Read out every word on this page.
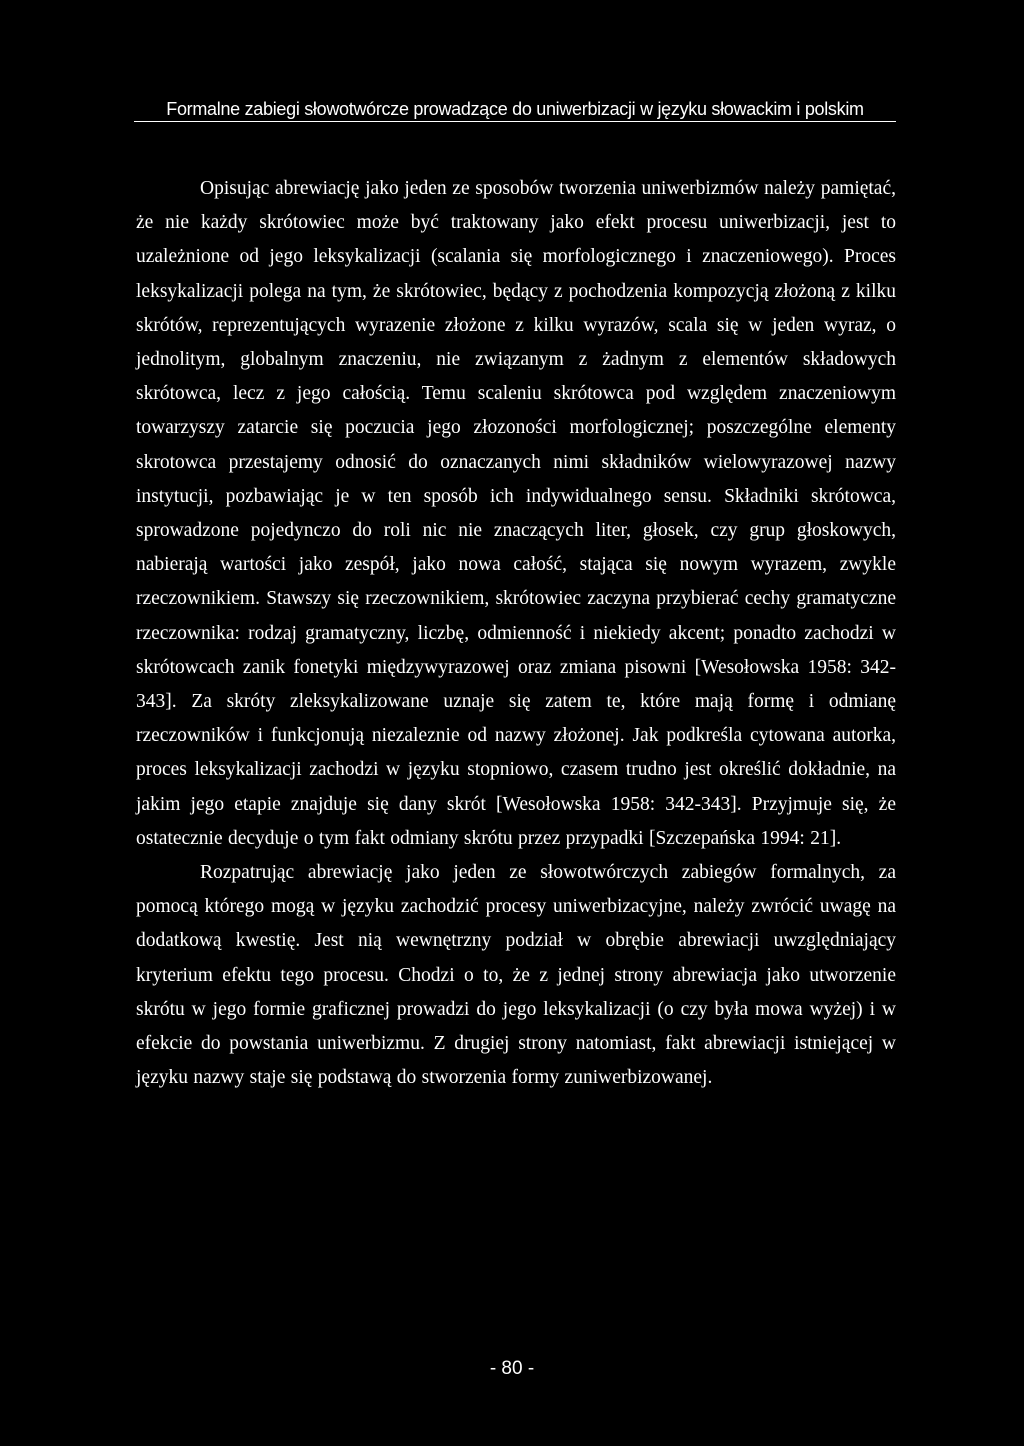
Formalne zabiegi słowotwórcze prowadzące do uniwerbizacji w języku słowackim i polskim

Opisując abrewiację jako jeden ze sposobów tworzenia uniwerbizmów należy pamiętać, że nie każdy skrótowiec może być traktowany jako efekt procesu uniwerbizacji, jest to uzależnione od jego leksykalizacji (scalania się morfologicznego i znaczeniowego). Proces leksykalizacji polega na tym, że skrótowiec, będący z pochodzenia kompozycją złożoną z kilku skrótów, reprezentujących wyrazenie złożone z kilku wyrazów, scala się w jeden wyraz, o jednolitym, globalnym znaczeniu, nie związanym z żadnym z elementów składowych skrótowca, lecz z jego całością. Temu scaleniu skrótowca pod względem znaczeniowym towarzyszy zatarcie się poczucia jego złozoności morfologicznej; poszczególne elementy skrotowca przestajemy odnosić do oznaczanych nimi składników wielowyrazowej nazwy instytucji, pozbawiając je w ten sposób ich indywidualnego sensu. Składniki skrótowca, sprowadzone pojedynczo do roli nic nie znaczących liter, głosek, czy grup głoskowych, nabierają wartości jako zespół, jako nowa całość, stająca się nowym wyrazem, zwykle rzeczownikiem. Stawszy się rzeczownikiem, skrótowiec zaczyna przybierać cechy gramatyczne rzeczownika: rodzaj gramatyczny, liczbę, odmienność i niekiedy akcent; ponadto zachodzi w skrótowcach zanik fonetyki międzywyrazowej oraz zmiana pisowni [Wesołowska 1958: 342-343]. Za skróty zleksykalizowane uznaje się zatem te, które mają formę i odmianę rzeczowników i funkcjonują niezaleznie od nazwy złożonej. Jak podkreśla cytowana autorka, proces leksykalizacji zachodzi w języku stopniowo, czasem trudno jest określić dokładnie, na jakim jego etapie znajduje się dany skrót [Wesołowska 1958: 342-343]. Przyjmuje się, że ostatecznie decyduje o tym fakt odmiany skrótu przez przypadki [Szczepańska 1994: 21].

Rozpatrując abrewiację jako jeden ze słowotwórczych zabiegów formalnych, za pomocą którego mogą w języku zachodzić procesy uniwerbizacyjne, należy zwrócić uwagę na dodatkową kwestię. Jest nią wewnętrzny podział w obrębie abrewiacji uwzględniający kryterium efektu tego procesu. Chodzi o to, że z jednej strony abrewiacja jako utworzenie skrótu w jego formie graficznej prowadzi do jego leksykalizacji (o czy była mowa wyżej) i w efekcie do powstania uniwerbizmu. Z drugiej strony natomiast, fakt abrewiacji istniejącej w języku nazwy staje się podstawą do stworzenia formy zuniwerbizowanej.

- 80 -
